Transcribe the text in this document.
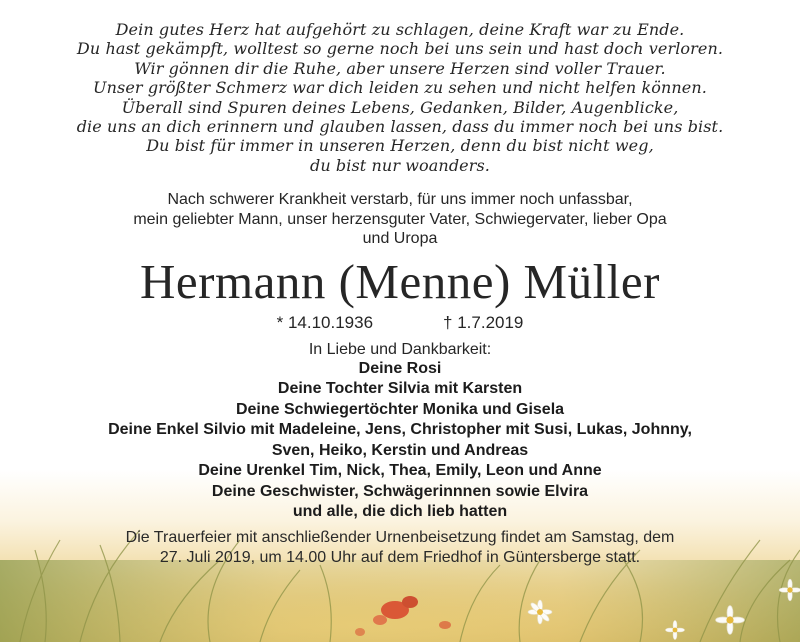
Dein gutes Herz hat aufgehört zu schlagen, deine Kraft war zu Ende.
Du hast gekämpft, wolltest so gerne noch bei uns sein und hast doch verloren.
Wir gönnen dir die Ruhe, aber unsere Herzen sind voller Trauer.
Unser größter Schmerz war dich leiden zu sehen und nicht helfen können.
Überall sind Spuren deines Lebens, Gedanken, Bilder, Augenblicke,
die uns an dich erinnern und glauben lassen, dass du immer noch bei uns bist.
Du bist für immer in unseren Herzen, denn du bist nicht weg,
du bist nur woanders.
Nach schwerer Krankheit verstarb, für uns immer noch unfassbar,
mein geliebter Mann, unser herzensguter Vater, Schwiegervater, lieber Opa
und Uropa
Hermann (Menne) Müller
* 14.10.1936	† 1.7.2019
In Liebe und Dankbarkeit:
Deine Rosi
Deine Tochter Silvia mit Karsten
Deine Schwiegertöchter Monika und Gisela
Deine Enkel Silvio mit Madeleine, Jens, Christopher mit Susi, Lukas, Johnny,
Sven, Heiko, Kerstin und Andreas
Deine Urenkel Tim, Nick, Thea, Emily, Leon und Anne
Deine Geschwister, Schwägerinnnen sowie Elvira
und alle, die dich lieb hatten
Die Trauerfeier mit anschließender Urnenbeisetzung findet am Samstag, dem
27. Juli 2019, um 14.00 Uhr auf dem Friedhof in Güntersberge statt.
